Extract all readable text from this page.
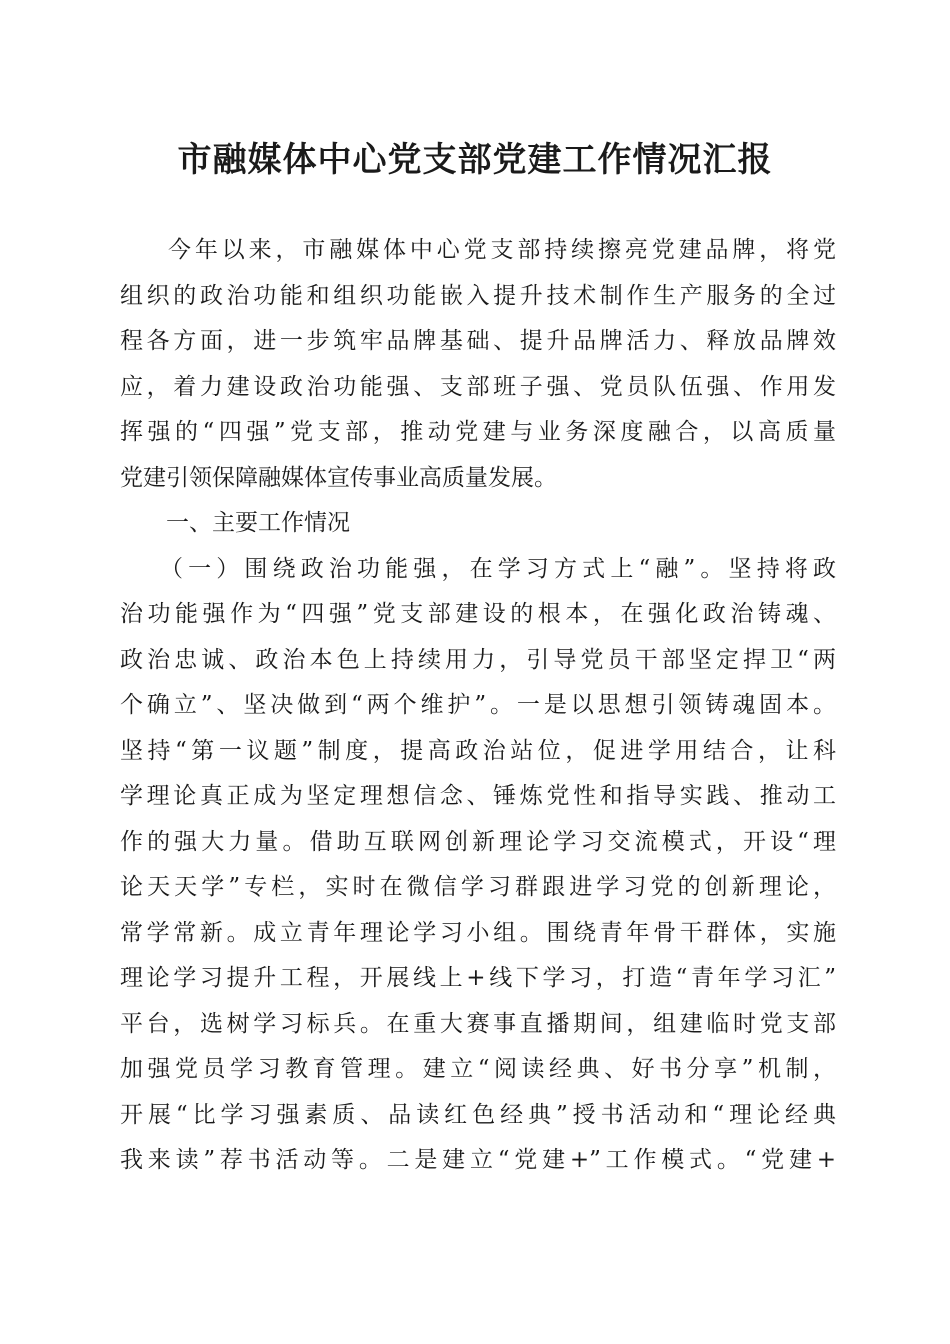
市融媒体中心党支部党建工作情况汇报
今年以来，市融媒体中心党支部持续擦亮党建品牌，将党
组织的政治功能和组织功能嵌入提升技术制作生产服务的全过
程各方面，进一步筑牢品牌基础、提升品牌活力、释放品牌效
应，着力建设政治功能强、支部班子强、党员队伍强、作用发
挥强的“四强”党支部，推动党建与业务深度融合，以高质量
党建引领保障融媒体宣传事业高质量发展。
一、主要工作情况
（一）围绕政治功能强，在学习方式上“融”。坚持将政
治功能强作为“四强”党支部建设的根本，在强化政治铸魂、
政治忠诚、政治本色上持续用力，引导党员干部坚定捍卫“两
个确立”、坚决做到“两个维护”。一是以思想引领铸魂固本。
坚持“第一议题”制度，提高政治站位，促进学用结合，让科
学理论真正成为坚定理想信念、锤炼党性和指导实践、推动工
作的强大力量。借助互联网创新理论学习交流模式，开设“理
论天天学”专栏，实时在微信学习群跟进学习党的创新理论，
常学常新。成立青年理论学习小组。围绕青年骨干群体，实施
理论学习提升工程，开展线上+线下学习，打造“青年学习汇”
平台，选树学习标兵。在重大赛事直播期间，组建临时党支部
加强党员学习教育管理。建立“阅读经典、好书分享”机制，
开展“比学习强素质、品读红色经典”授书活动和“理论经典
我来读”荐书活动等。二是建立“党建+”工作模式。“党建+
